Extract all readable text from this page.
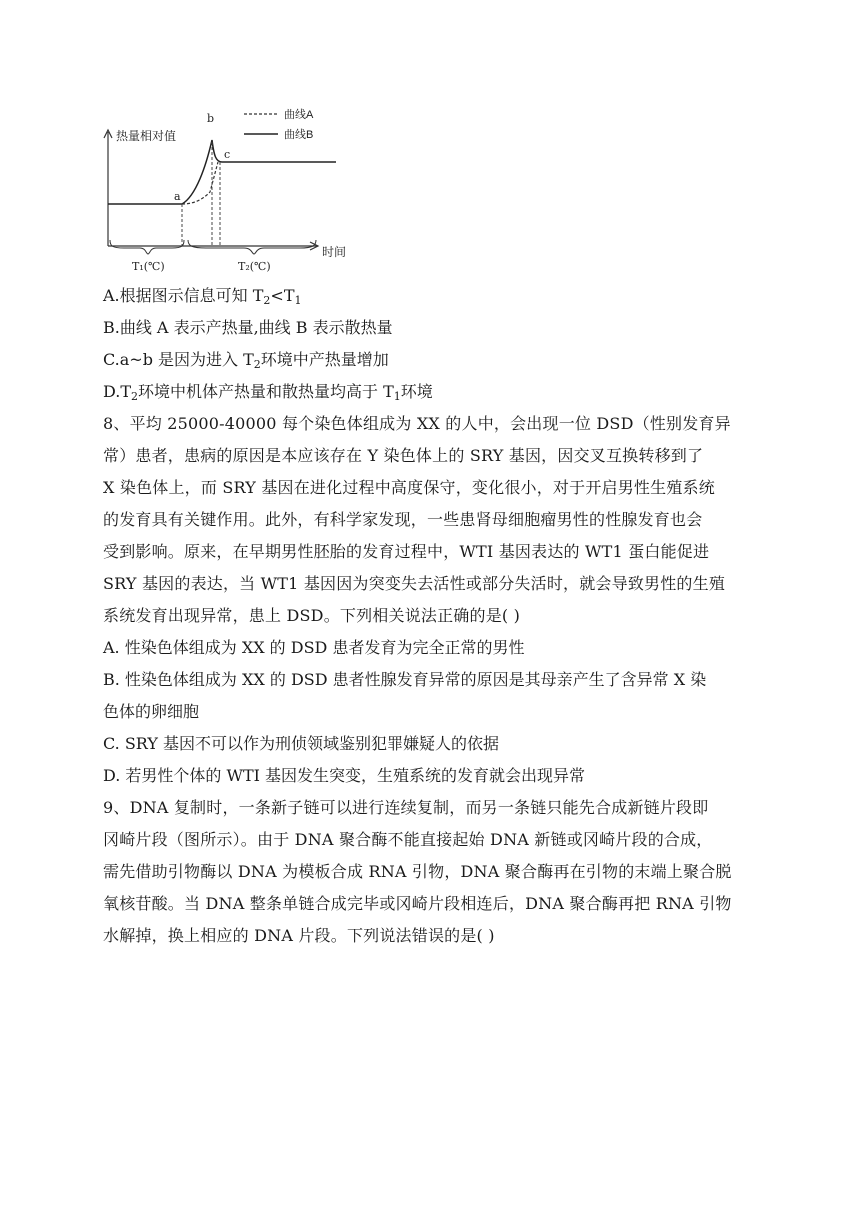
a
b
c
热量相对值
曲线A
曲线B
T₁(℃)	T₂(℃)
时间

A.根据图示信息可知 $T_2<T_1$

B.曲线 A 表示产热量,曲线 B 表示散热量

C.a~b 是因为进入 $T_2$环境中产热量增加

$D.T_2$环境中机体产热量和散热量均高于 $T_1$环境

8、平均 25000-40000 每个染色体组成为 XX 的人中，会出现一位 DSD（性别发育异

常）患者，患病的原因是本应该存在 Y 染色体上的 SRY 基因，因交叉互换转移到了

X 染色体上，而 SRY 基因在进化过程中高度保守，变化很小，对于开启男性生殖系统

的发育具有关键作用。此外，有科学家发现，一些患肾母细胞瘤男性的性腺发育也会

受到影响。原来，在早期男性胚胎的发育过程中，WTI 基因表达的 WT1 蛋白能促进

SRY 基因的表达，当 WT1 基因因为突变失去活性或部分失活时，就会导致男性的生殖

系统发育出现异常，患上 DSD。下列相关说法正确的是( )

A. 性染色体组成为 XX 的 DSD 患者发育为完全正常的男性

B. 性染色体组成为 XX 的 DSD 患者性腺发育异常的原因是其母亲产生了含异常 X 染

色体的卵细胞

C. SRY 基因不可以作为刑侦领域鉴别犯罪嫌疑人的依据

D. 若男性个体的 WTI 基因发生突变，生殖系统的发育就会出现异常

9、DNA 复制时，一条新子链可以进行连续复制，而另一条链只能先合成新链片段即

冈崎片段（图所示）。由于 DNA 聚合酶不能直接起始 DNA 新链或冈崎片段的合成，

需先借助引物酶以 DNA 为模板合成 RNA 引物，DNA 聚合酶再在引物的末端上聚合脱

氧核苷酸。当 DNA 整条单链合成完毕或冈崎片段相连后，DNA 聚合酶再把 RNA 引物

水解掉，换上相应的 DNA 片段。下列说法错误的是( )
